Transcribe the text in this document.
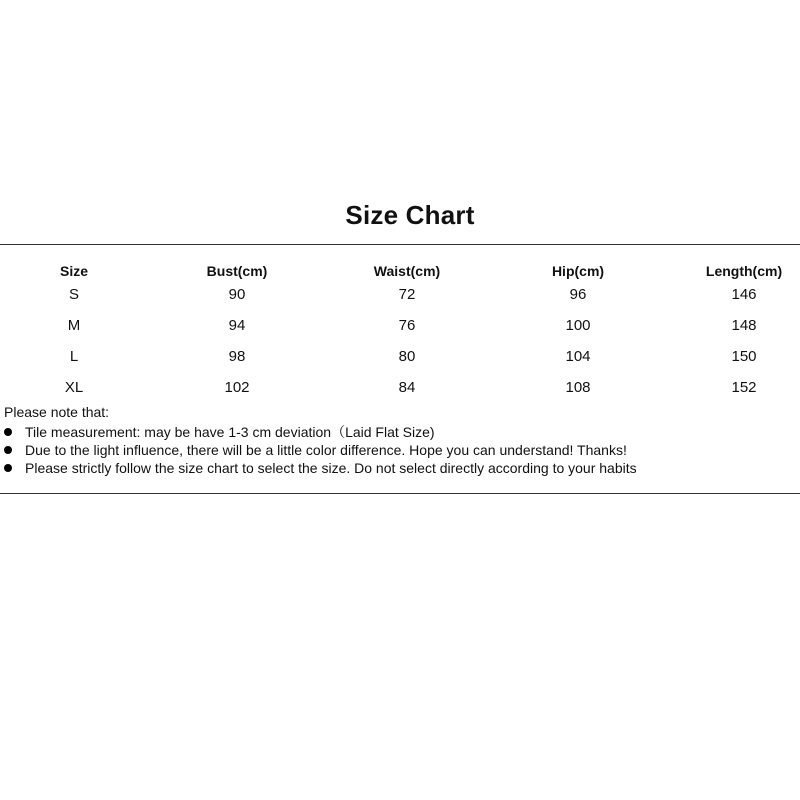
Size Chart
Size	Bust(cm)	Waist(cm)	Hip(cm)	Length(cm)
S	90	72	96	146
M	94	76	100	148
L	98	80	104	150
XL	102	84	108	152

Please note that:

Tile measurement: may be have 1-3 cm deviation（Laid Flat Size)
Due to the light influence, there will be a little color difference. Hope you can understand! Thanks!
Please strictly follow the size chart to select the size. Do not select directly according to your habits
